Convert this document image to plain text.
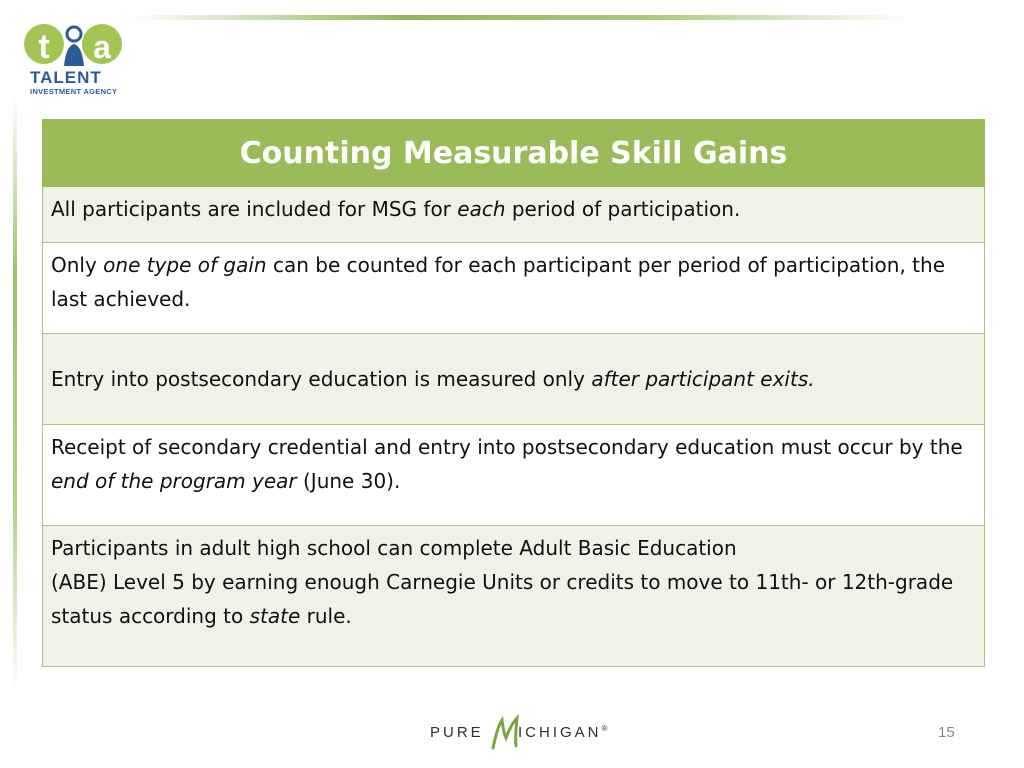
t a
TALENT
INVESTMENT AGENCY
Counting Measurable Skill Gains
All participants are included for MSG for each period of participation.
Only one type of gain can be counted for each participant per period of participation, the last achieved.
Entry into postsecondary education is measured only after participant exits.
Receipt of secondary credential and entry into postsecondary education must occur by the end of the program year (June 30).
Participants in adult high school can complete Adult Basic Education
(ABE) Level 5 by earning enough Carnegie Units or credits to move to 11th- or 12th-grade status according to state rule.
PURE ICHIGAN®	15
